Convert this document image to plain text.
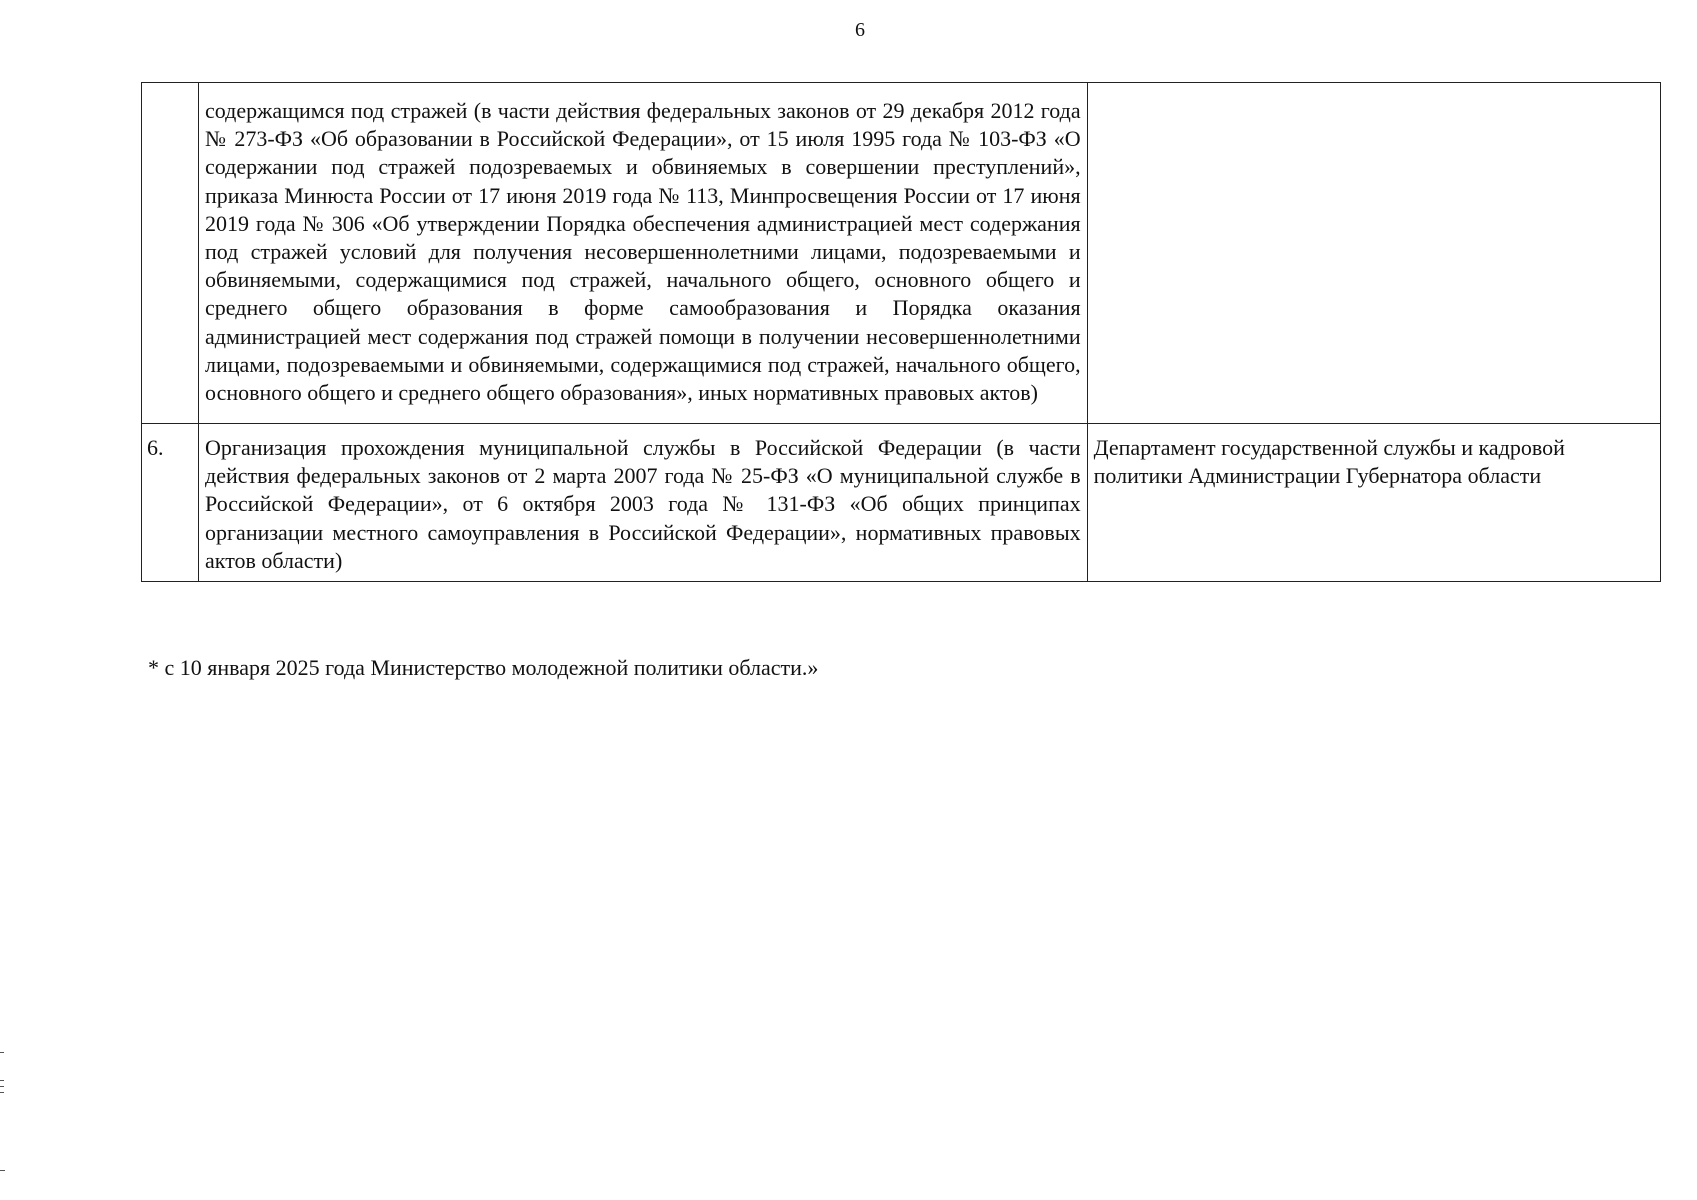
6
	содержащимся под стражей (в части действия федеральных законов от 29 декабря 2012 года № 273-ФЗ «Об образовании в Российской Федерации», от 15 июля 1995 года № 103-ФЗ «О содержании под стражей подозреваемых и обвиняемых в совершении преступлений», приказа Минюста России от 17 июня 2019 года № 113, Минпросвещения России от 17 июня 2019 года № 306 «Об утверждении Порядка обеспечения администрацией мест содержания под стражей условий для получения несовершеннолетними лицами, подозреваемыми и обвиняемыми, содержащимися под стражей, начального общего, основного общего и среднего общего образования в форме самообразования и Порядка оказания администрацией мест содержания под стражей помощи в получении несовершеннолетними лицами, подозреваемыми и обвиняемыми, содержащимися под стражей, начального общего, основного общего и среднего общего образования», иных нормативных правовых актов)	
6.	Организация прохождения муниципальной службы в Российской Федерации (в части действия федеральных законов от 2 марта 2007 года № 25-ФЗ «О муниципальной службе в Российской Федерации», от 6 октября 2003 года № 131-ФЗ «Об общих принципах организации местного самоуправления в Российской Федерации», нормативных правовых актов области)	Департамент государственной службы и кадровой политики Администрации Губернатора области
* с 10 января 2025 года Министерство молодежной политики области.»
